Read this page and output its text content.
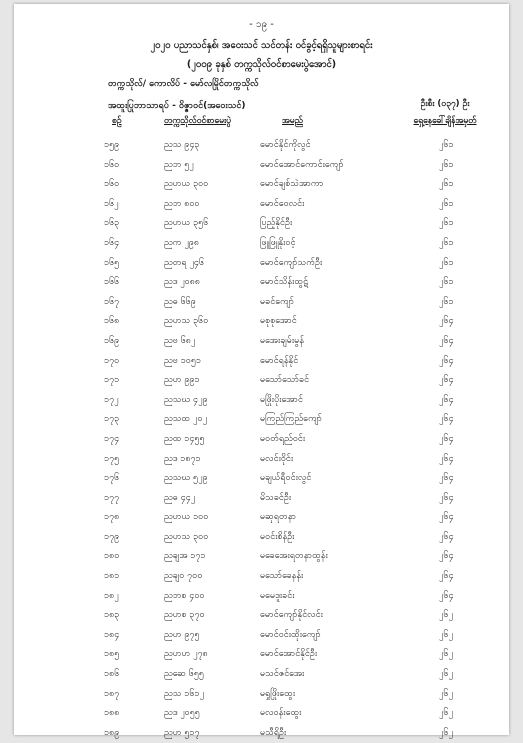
- ၁၉ -
၂၀၂၀ ပညာသင်နှစ်၊ အဝေးသင် သင်တန်း ဝင်ခွင့်ရရှိသူများစာရင်း
(၂၀၀၉ ခုနှစ် တက္ကသိုလ်ဝင်စာမေးပွဲအောင်)
တက္ကသိုလ်/ ကောလိပ် - မော်လမြိုင်တက္ကသိုလ်
အထူးပြုဘာသာရပ် - ဝိဇ္ဇာဝင်(အဝေးသင်)	ဦးစီး (၀၃၇) ဦး
ရှေ့နေခေါ်ချိန်အမှတ်
စဉ်	တက္ကသိုလ်ဝင်စာမေးပွဲ	အမည်
၁၅၉	ညသ ၉၄၃	မောင်နိုင်ကိုလွင်	၂၆၁
၁၆၀	ညဘ ၅၂	မောင်အောင်ကောင်းကျော်	၂၆၁
၁၆၀	ညဟယ ၃၀၀	မောင်ချစ်သဲအာကာ	၂၆၁
၁၆၂	ညဘ ၈၀၀	မောင်ဝေလင်း	၂၆၁
၁၆၃	ညဟယ ၃၅၆	ပြည့်နိုင်ဦး	၂၆၁
၁၆၄	ညက ၂၉၈	ဖြူဖြူနိုးဝင့်	၂၆၁
၁၆၅	ညတရ ၂၄၆	မောင်ကျော်သက်ဦး	၂၆၁
၁၆၆	ညဒ ၂၀၈၈	မောင်သိန်းထွဋ်	၂၆၁
၁၆၇	ညဓ ၆၆၉	မခင်ကျော်	၂၆၁
၁၆၈	ညဟသ ၃၆၀	မစုစုအောင်	၂၆၄
၁၆၉	ညဗ ၆၈၂	မအေးချမ်းမွန်	၂၆၄
၁၇၀	ညဗ ၁၀၅၁	မောင်ရန်နိုင်	၂၆၄
၁၇၁	ညဟ ၉၉၁	မသော်သော်ခင်	၂၆၄
၁၇၂	ညသဃ ၄၂၉	မဖြိုးပိုးအောင်	၂၆၄
၁၇၃	ညသထ ၂၀၂	မကြည်ကြည်ကျော်	၂၆၄
၁၇၄	ညထ ၁၄၅၅	မဝတ်ရည်ဝင်း	၂၆၄
၁၇၅	ညဒ ၁၈၇၁	မလင်းဝိုင်း	၂၆၄
၁၇၆	ညသဃ ၅၂၉	မချယ်ရီဝင်းလွင်	၂၆၄
၁၇၇	ညဓ ၄၄၂	မိသခင်ဦး	၂၆၄
၁၇၈	ညဟယ ၁၀၀	မဆုရတနာ	၂၆၄
၁၇၉	ညဟသ ၃၀၀	မဝင်းစိန်ဦး	၂၆၄
၁၈၀	ညချအ ၁၇၁	မခေအေးရတနာထွန်း	၂၆၄
၁၈၁	ညချဝ ၇၀၀	မသော်ခေနန်း	၂၆၄
၁၈၂	ညဘစ ၄၀၀	မမေဒူးခင်း	၂၆၄
၁၈၃	ညဟစ ၃၇၀	မောင်ကျော်နိုင်လင်း	၂၆၂
၁၈၄	ညဟ ၉၇၅	မောင်ဝင်းထိုးကျော်	၂၆၂
၁၈၅	ညဟဟ ၂၇၈	မောင်အောင်နိုင်ဦး	၂၆၂
၁၈၆	ညဆေ ၆၅၅	မသင်ဇင်အေး	၂၆၂
၁၈၇	ညသ ၁၆၁၂	မရှုဖြိုးထွေး	၂၆၂
၁၈၈	ညဒ ၂၀၅၅	မလဝန်းထွေး	၂၆၂
၁၈၉	ညဟ ၅၁၇	မသီရိဦး	၂၆၂
